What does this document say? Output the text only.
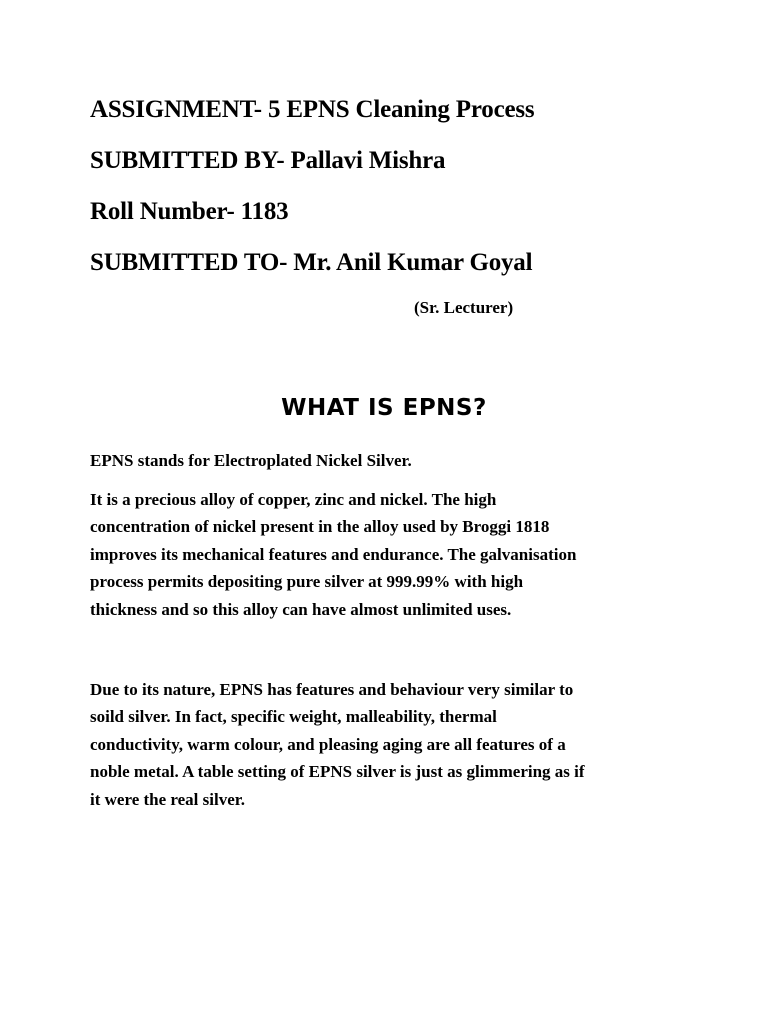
ASSIGNMENT- 5 EPNS Cleaning Process

SUBMITTED BY- Pallavi Mishra

Roll Number- 1183

SUBMITTED TO- Mr. Anil Kumar Goyal

(Sr. Lecturer)

WHAT IS EPNS?

EPNS stands for Electroplated Nickel Silver.

It is a precious alloy of copper, zinc and nickel. The high
concentration of nickel present in the alloy used by Broggi 1818
improves its mechanical features and endurance. The galvanisation
process permits depositing pure silver at 999.99% with high
thickness and so this alloy can have almost unlimited uses.

Due to its nature, EPNS has features and behaviour very similar to
soild silver. In fact, specific weight, malleability, thermal
conductivity, warm colour, and pleasing aging are all features of a
noble metal. A table setting of EPNS silver is just as glimmering as if
it were the real silver.
